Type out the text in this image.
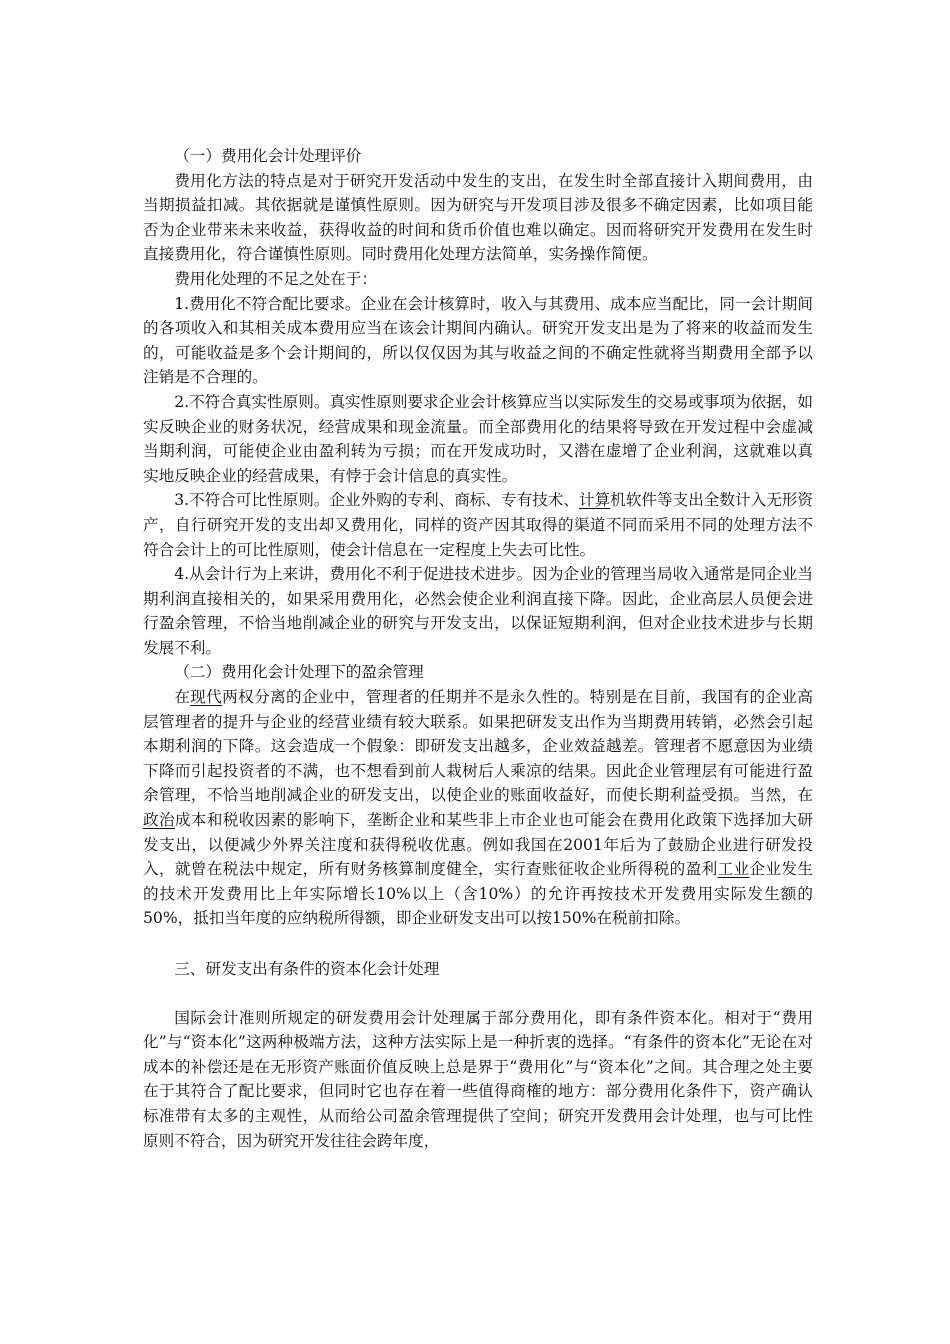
（一）费用化会计处理评价

费用化方法的特点是对于研究开发活动中发生的支出，在发生时全部直接计入期间费用，由当期损益扣减。其依据就是谨慎性原则。因为研究与开发项目涉及很多不确定因素，比如项目能否为企业带来未来收益，获得收益的时间和货币价值也难以确定。因而将研究开发费用在发生时直接费用化，符合谨慎性原则。同时费用化处理方法简单，实务操作简便。

费用化处理的不足之处在于：

1.费用化不符合配比要求。企业在会计核算时，收入与其费用、成本应当配比，同一会计期间的各项收入和其相关成本费用应当在该会计期间内确认。研究开发支出是为了将来的收益而发生的，可能收益是多个会计期间的，所以仅仅因为其与收益之间的不确定性就将当期费用全部予以注销是不合理的。

2.不符合真实性原则。真实性原则要求企业会计核算应当以实际发生的交易或事项为依据，如实反映企业的财务状况，经营成果和现金流量。而全部费用化的结果将导致在开发过程中会虚减当期利润，可能使企业由盈利转为亏损；而在开发成功时，又潜在虚增了企业利润，这就难以真实地反映企业的经营成果，有悖于会计信息的真实性。

3.不符合可比性原则。企业外购的专利、商标、专有技术、计算机软件等支出全数计入无形资产，自行研究开发的支出却又费用化，同样的资产因其取得的渠道不同而采用不同的处理方法不符合会计上的可比性原则，使会计信息在一定程度上失去可比性。

4.从会计行为上来讲，费用化不利于促进技术进步。因为企业的管理当局收入通常是同企业当期利润直接相关的，如果采用费用化，必然会使企业利润直接下降。因此，企业高层人员便会进行盈余管理，不恰当地削减企业的研究与开发支出，以保证短期利润，但对企业技术进步与长期发展不利。

（二）费用化会计处理下的盈余管理

在现代两权分离的企业中，管理者的任期并不是永久性的。特别是在目前，我国有的企业高层管理者的提升与企业的经营业绩有较大联系。如果把研发支出作为当期费用转销，必然会引起本期利润的下降。这会造成一个假象：即研发支出越多，企业效益越差。管理者不愿意因为业绩下降而引起投资者的不满，也不想看到前人栽树后人乘凉的结果。因此企业管理层有可能进行盈余管理，不恰当地削减企业的研发支出，以使企业的账面收益好，而使长期利益受损。当然，在政治成本和税收因素的影响下，垄断企业和某些非上市企业也可能会在费用化政策下选择加大研发支出，以便减少外界关注度和获得税收优惠。例如我国在2001年后为了鼓励企业进行研发投入，就曾在税法中规定，所有财务核算制度健全，实行查账征收企业所得税的盈利工业企业发生的技术开发费用比上年实际增长10%以上（含10%）的允许再按技术开发费用实际发生额的50%，抵扣当年度的应纳税所得额，即企业研发支出可以按150%在税前扣除。

三、研发支出有条件的资本化会计处理

国际会计准则所规定的研发费用会计处理属于部分费用化，即有条件资本化。相对于“费用化”与“资本化”这两种极端方法，这种方法实际上是一种折衷的选择。“有条件的资本化”无论在对成本的补偿还是在无形资产账面价值反映上总是界于“费用化”与“资本化”之间。其合理之处主要在于其符合了配比要求，但同时它也存在着一些值得商榷的地方：部分费用化条件下，资产确认标准带有太多的主观性，从而给公司盈余管理提供了空间；研究开发费用会计处理，也与可比性原则不符合，因为研究开发往往会跨年度，
